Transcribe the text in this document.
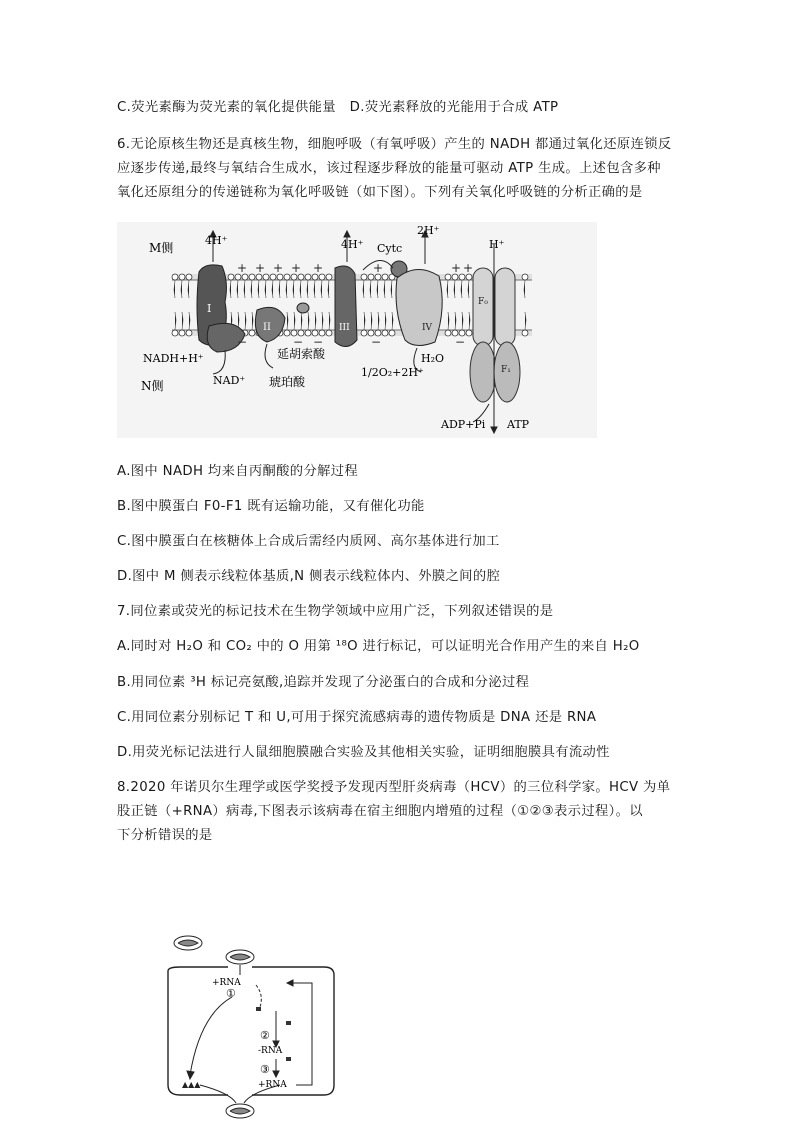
C.荧光素酶为荧光素的氧化提供能量 D.荧光素释放的光能用于合成 ATP
6.无论原核生物还是真核生物，细胞呼吸（有氧呼吸）产生的 NADH 都通过氧化还原连锁反
应逐步传递,最终与氧结合生成水，该过程逐步释放的能量可驱动 ATP 生成。上述包含多种
氧化还原组分的传递链称为氧化呼吸链（如下图）。下列有关氧化呼吸链的分析正确的是
I
II	III	IV
F₀
F₁
+ + + + +	+	+ +
−	− −	−	−
M侧
N侧
4H⁺	4H⁺ Cytc
2H⁺
H⁺
NADH+H⁺
NAD⁺
延胡索酸
琥珀酸
1/2O₂+2H⁺
H₂O
ADP+Pi ATP
A.图中 NADH 均来自丙酮酸的分解过程
B.图中膜蛋白 F0-F1 既有运输功能，又有催化功能
C.图中膜蛋白在核糖体上合成后需经内质网、高尔基体进行加工
D.图中 M 侧表示线粒体基质,N 侧表示线粒体内、外膜之间的腔
7.同位素或荧光的标记技术在生物学领域中应用广泛，下列叙述错误的是
A.同时对 H₂O 和 CO₂ 中的 O 用第 ¹⁸O 进行标记，可以证明光合作用产生的来自 H₂O
B.用同位素 ³H 标记亮氨酸,追踪并发现了分泌蛋白的合成和分泌过程
C.用同位素分别标记 T 和 U,可用于探究流感病毒的遗传物质是 DNA 还是 RNA
D.用荧光标记法进行人鼠细胞膜融合实验及其他相关实验，证明细胞膜具有流动性
8.2020 年诺贝尔生理学或医学奖授予发现丙型肝炎病毒（HCV）的三位科学家。HCV 为单
股正链（+RNA）病毒,下图表示该病毒在宿主细胞内增殖的过程（①②③表示过程）。以
下分析错误的是
▲▲▲
+RNA
①
②
-RNA
③
+RNA
